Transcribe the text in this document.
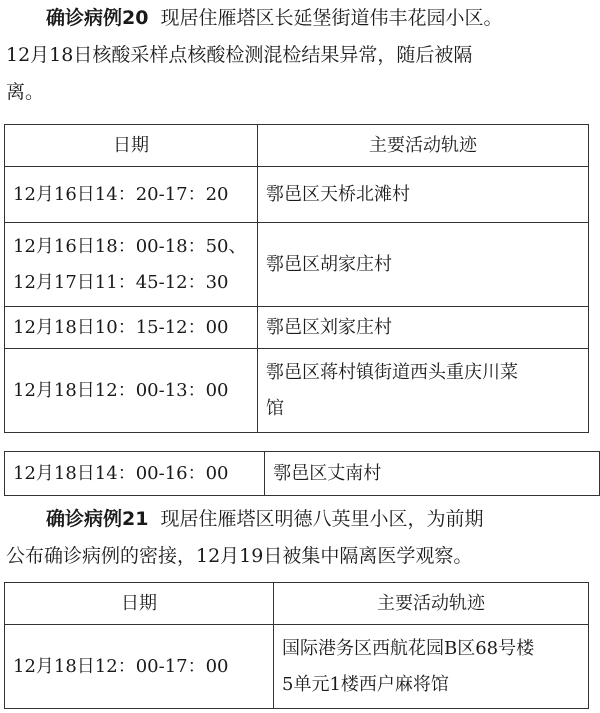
确诊病例20 现居住雁塔区长延堡街道伟丰花园小区。
12月18日核酸采样点核酸检测混检结果异常，随后被隔
离。
日期	主要活动轨迹

12月16日14：20-17：20	鄠邑区天桥北滩村

12月16日18：00-18：50、
12月17日11：45-12：30	鄠邑区胡家庄村

12月18日10：15-12：00	鄠邑区刘家庄村

12月18日12：00-13：00	鄠邑区蒋村镇街道西头重庆川菜
馆
12月18日14：00-16：00	鄠邑区丈南村
确诊病例21 现居住雁塔区明德八英里小区，为前期
公布确诊病例的密接，12月19日被集中隔离医学观察。
日期	主要活动轨迹

12月18日12：00-17：00	国际港务区西航花园B区68号楼
5单元1楼西户麻将馆
